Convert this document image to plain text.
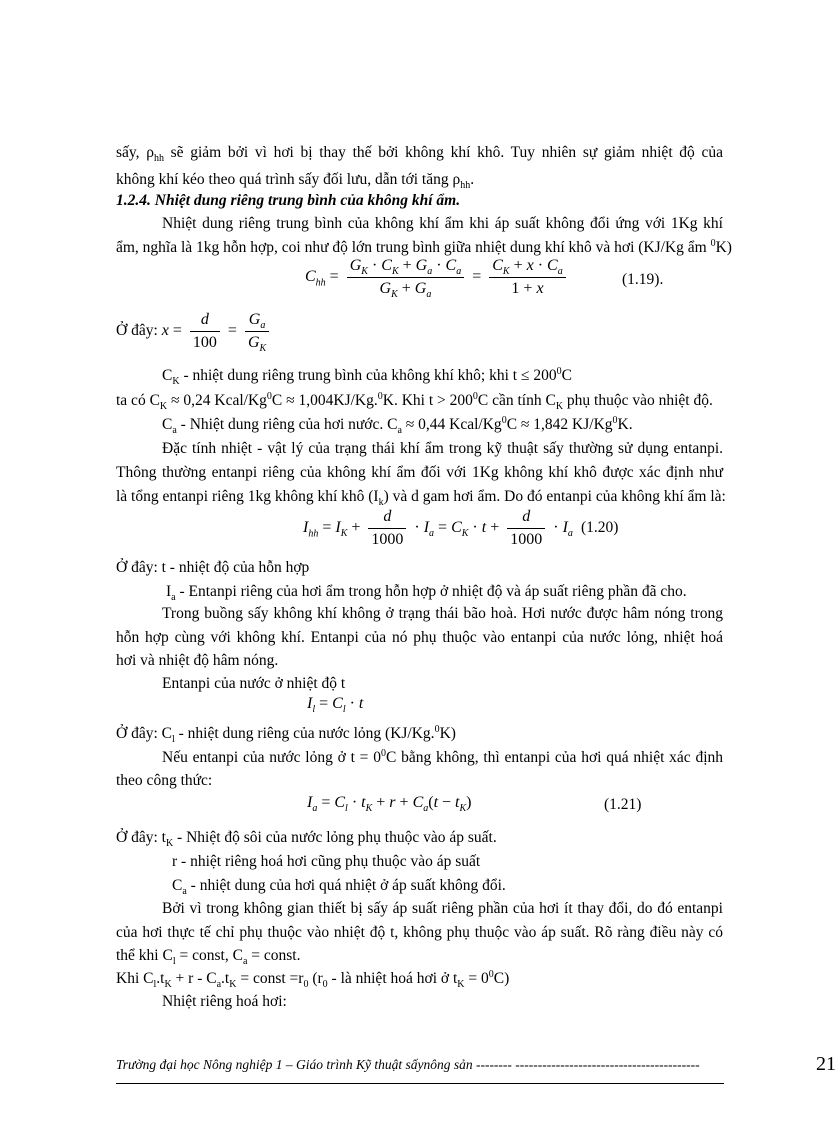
sấy, $\rho_{hh}$ sẽ giảm bởi vì hơi bị thay thế bởi không khí khô. Tuy nhiên sự giảm nhiệt độ của
không khí kéo theo quá trình sấy đối lưu, dẫn tới tăng $\rho_{hh}$.
1.2.4. Nhiệt dung riêng trung bình của không khí ẩm.
Nhiệt dung riêng trung bình của không khí ẩm khi áp suất không đổi ứng với 1Kg khí
ẩm, nghĩa là 1kg hỗn hợp, coi như độ lớn trung bình giữa nhiệt dung khí khô và hơi (KJ/Kg ẩm $^0$K)
$C_{hh} = \frac{G_K \cdot C_K + G_a \cdot C_a}{G_K + G_a} = \frac{C_K + x \cdot C_a}{1 + x}$	(1.19).
Ở đây: $x = \frac{d}{100} = \frac{G_a}{G_K}$
$C_K$ - nhiệt dung riêng trung bình của không khí khô; khi $t \le 200^0C$
ta có $C_K \approx 0,24$ Kcal/$Kg^0C \approx 1,004KJ/Kg.^0K$. Khi $t > 200^0C$ cần tính $C_K$ phụ thuộc vào nhiệt độ.
$C_a$ - Nhiệt dung riêng của hơi nước. $C_a \approx 0,44$ Kcal/$Kg^0C \approx 1,842$ KJ/Kg$^0$K.
Đặc tính nhiệt - vật lý của trạng thái khí ẩm trong kỹ thuật sấy thường sử dụng entanpi.
Thông thường entanpi riêng của không khí ẩm đối với 1Kg không khí khô được xác định như
là tổng entanpi riêng 1kg không khí khô $(I_k)$ và d gam hơi ẩm. Do đó entanpi của không khí ẩm là:
$I_{hh} = I_K + \frac{d}{1000} \cdot I_a = C_K \cdot t + \frac{d}{1000} \cdot I_a$ (1.20)
Ở đây: t - nhiệt độ của hỗn hợp
$I_a$ - Entanpi riêng của hơi ẩm trong hỗn hợp ở nhiệt độ và áp suất riêng phần đã cho.
Trong buồng sấy không khí không ở trạng thái bão hoà. Hơi nước được hâm nóng trong
hỗn hợp cùng với không khí. Entanpi của nó phụ thuộc vào entanpi của nước lỏng, nhiệt hoá
hơi và nhiệt độ hâm nóng.
Entanpi của nước ở nhiệt độ t
$I_l = C_l \cdot t$
Ở đây: $C_l$ - nhiệt dung riêng của nước lỏng (KJ/Kg.$^0$K)
Nếu entanpi của nước lỏng ở $t = 0^0C$ bằng không, thì entanpi của hơi quá nhiệt xác định
theo công thức:
$I_a = C_l \cdot t_K + r + C_a(t - t_K)$	(1.21)
Ở đây: $t_K$ - Nhiệt độ sôi của nước lỏng phụ thuộc vào áp suất.
r - nhiệt riêng hoá hơi cũng phụ thuộc vào áp suất
$C_a$ - nhiệt dung của hơi quá nhiệt ở áp suất không đổi.
Bởi vì trong không gian thiết bị sấy áp suất riêng phần của hơi ít thay đổi, do đó entanpi
của hơi thực tế chỉ phụ thuộc vào nhiệt độ t, không phụ thuộc vào áp suất. Rõ ràng điều này có
thể khi $C_l$ = const, $C_a$ = const.
Khi $C_l.t_K + r - C_a.t_K$ = const $=r_0$ ($r_0$ - là nhiệt hoá hơi ở $t_K = 0^0C$)
Nhiệt riêng hoá hơi:
Trường đại học Nông nghiệp 1 – Giáo trình Kỹ thuật sấynông sản -------- -----------------------------------------	21
